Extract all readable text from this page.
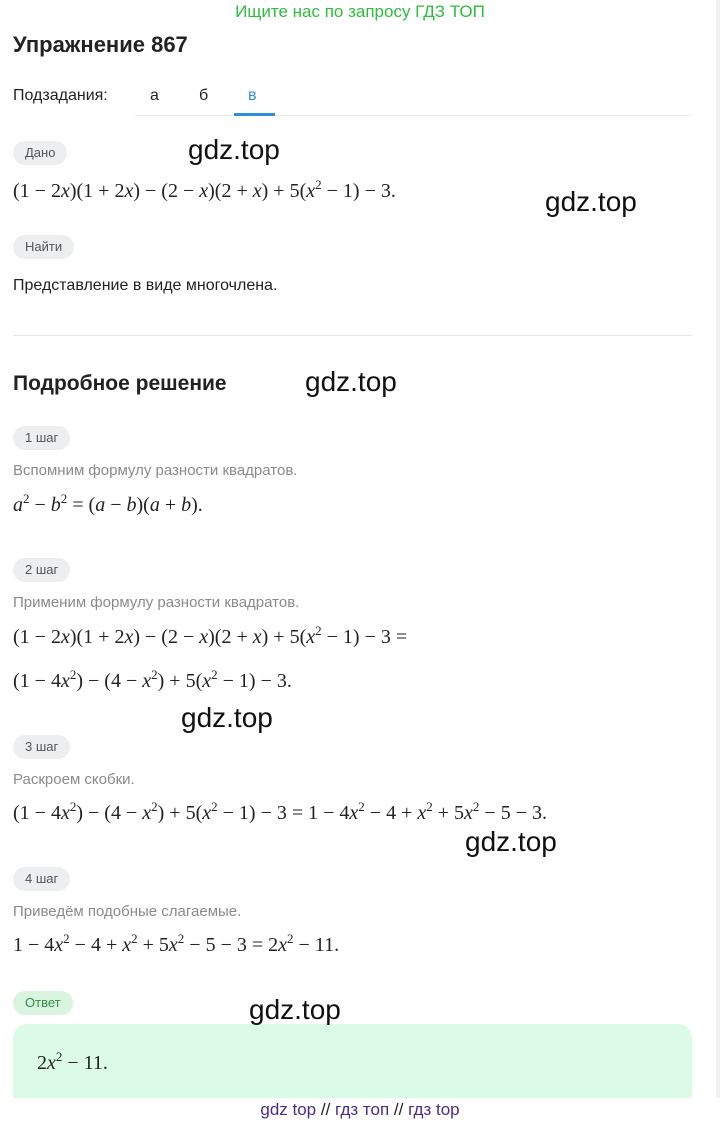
Ищите нас по запросу ГДЗ ТОП
Упражнение 867
Подзадания:	а	б в
Дано
$(1 - 2x)(1 + 2x) - (2 - x)(2 + x) + 5(x^2 - 1) - 3$.
Найти
Представление в виде многочлена.
Подробное решение
1 шаг
Вспомним формулу разности квадратов.
$a^2 - b^2 = (a - b)(a + b)$.
2 шаг
Применим формулу разности квадратов.
$(1 - 2x)(1 + 2x) - (2 - x)(2 + x) + 5(x^2 - 1) - 3$ =
$(1 - 4x^2) - (4 - x^2) + 5(x^2 - 1) - 3$.
3 шаг
Раскроем скобки.
$(1 - 4x^2) - (4 - x^2) + 5(x^2 - 1) - 3 = 1 - 4x^2 - 4 + x^2 + 5x^2 - 5 - 3$.
4 шаг
Приведём подобные слагаемые.
$1 - 4x^2 - 4 + x^2 + 5x^2 - 5 - 3 = 2x^2 - 11$.
Ответ
$2x^2 - 11$.
gdz.top
gdz.top
gdz.top
gdz.top
gdz.top
gdz.top
gdz top // гдз топ // гдз top
